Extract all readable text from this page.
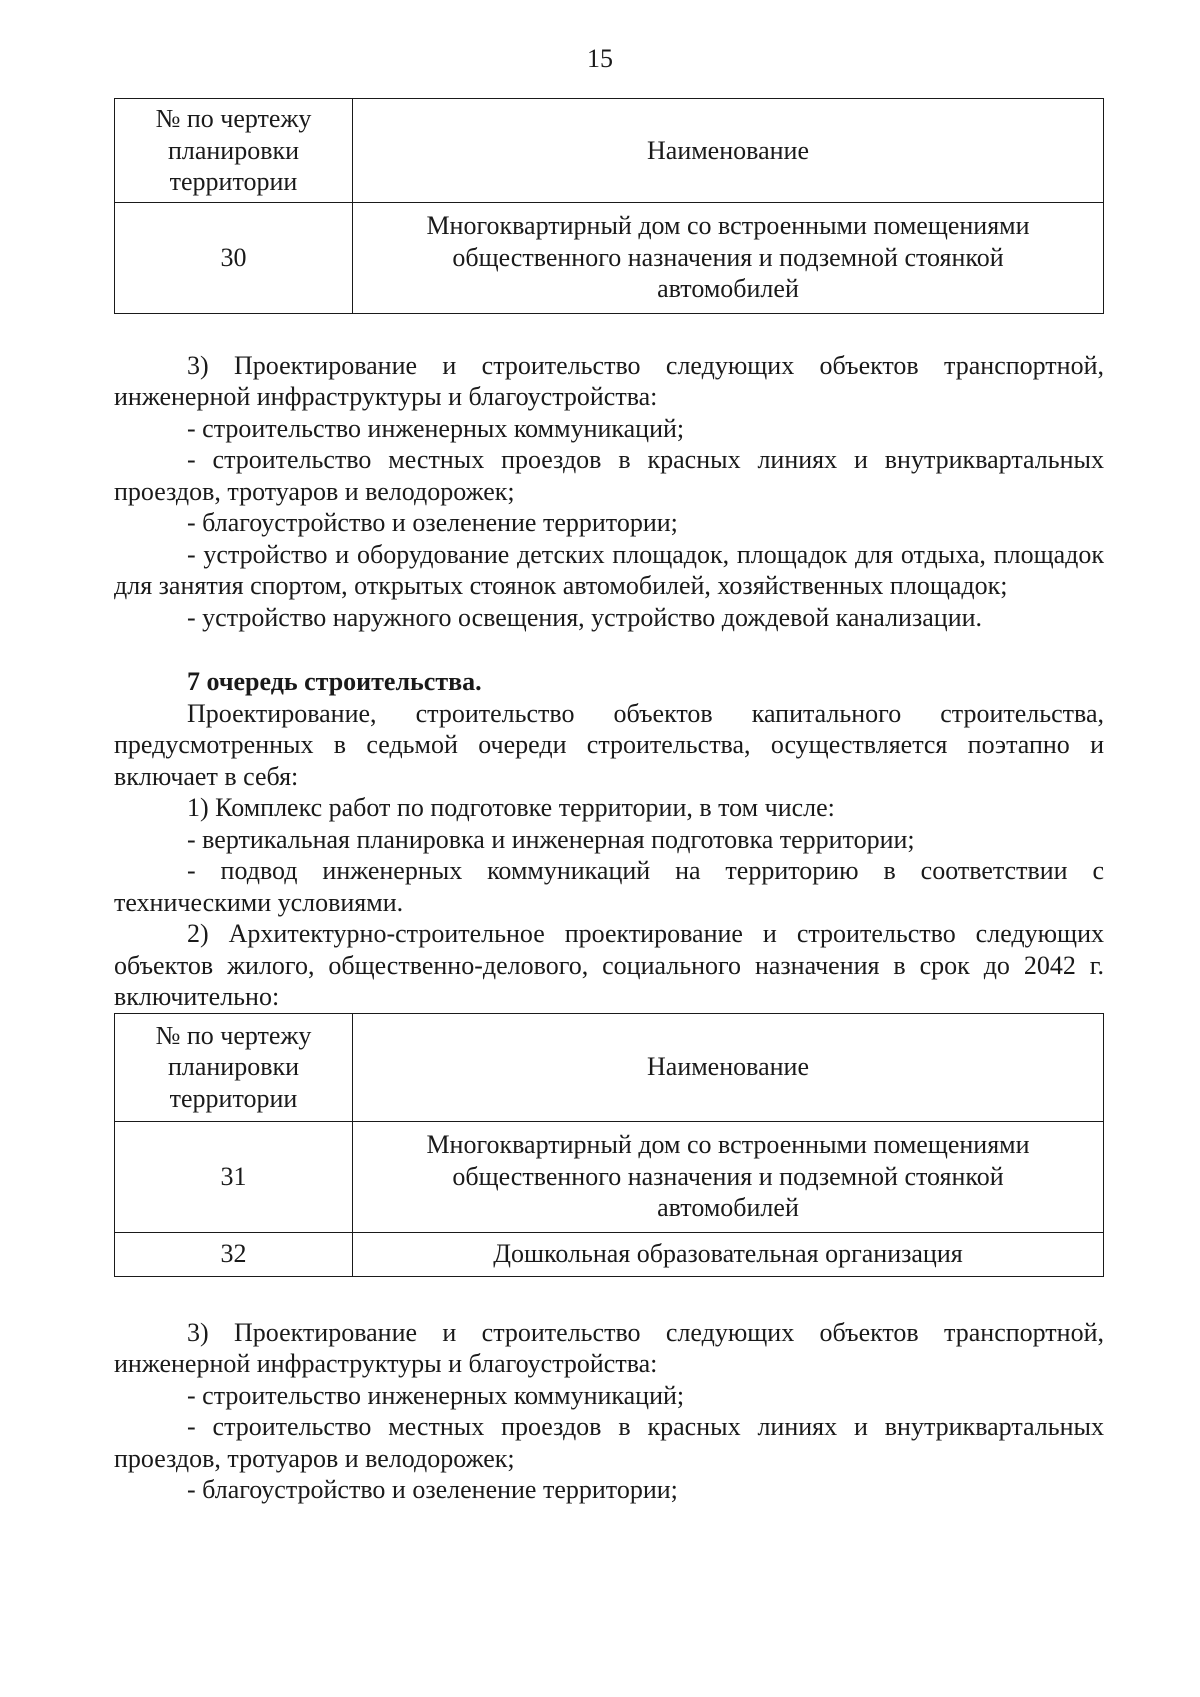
15
№ по чертежу планировки территории	Наименование
30	Многоквартирный дом со встроенными помещениями общественного назначения и подземной стоянкой автомобилей

3) Проектирование и строительство следующих объектов транспортной, инженерной инфраструктуры и благоустройства:

- строительство инженерных коммуникаций;

- строительство местных проездов в красных линиях и внутриквартальных проездов, тротуаров и велодорожек;

- благоустройство и озеленение территории;

- устройство и оборудование детских площадок, площадок для отдыха, площадок для занятия спортом, открытых стоянок автомобилей, хозяйственных площадок;

- устройство наружного освещения, устройство дождевой канализации.

7 очередь строительства.

Проектирование, строительство объектов капитального строительства, предусмотренных в седьмой очереди строительства, осуществляется поэтапно и включает в себя:

1) Комплекс работ по подготовке территории, в том числе:

- вертикальная планировка и инженерная подготовка территории;

- подвод инженерных коммуникаций на территорию в соответствии с техническими условиями.

2) Архитектурно-строительное проектирование и строительство следующих объектов жилого, общественно-делового, социального назначения в срок до 2042 г. включительно:

№ по чертежу планировки территории	Наименование
31	Многоквартирный дом со встроенными помещениями общественного назначения и подземной стоянкой автомобилей
32	Дошкольная образовательная организация

3) Проектирование и строительство следующих объектов транспортной, инженерной инфраструктуры и благоустройства:

- строительство инженерных коммуникаций;

- строительство местных проездов в красных линиях и внутриквартальных проездов, тротуаров и велодорожек;

- благоустройство и озеленение территории;
